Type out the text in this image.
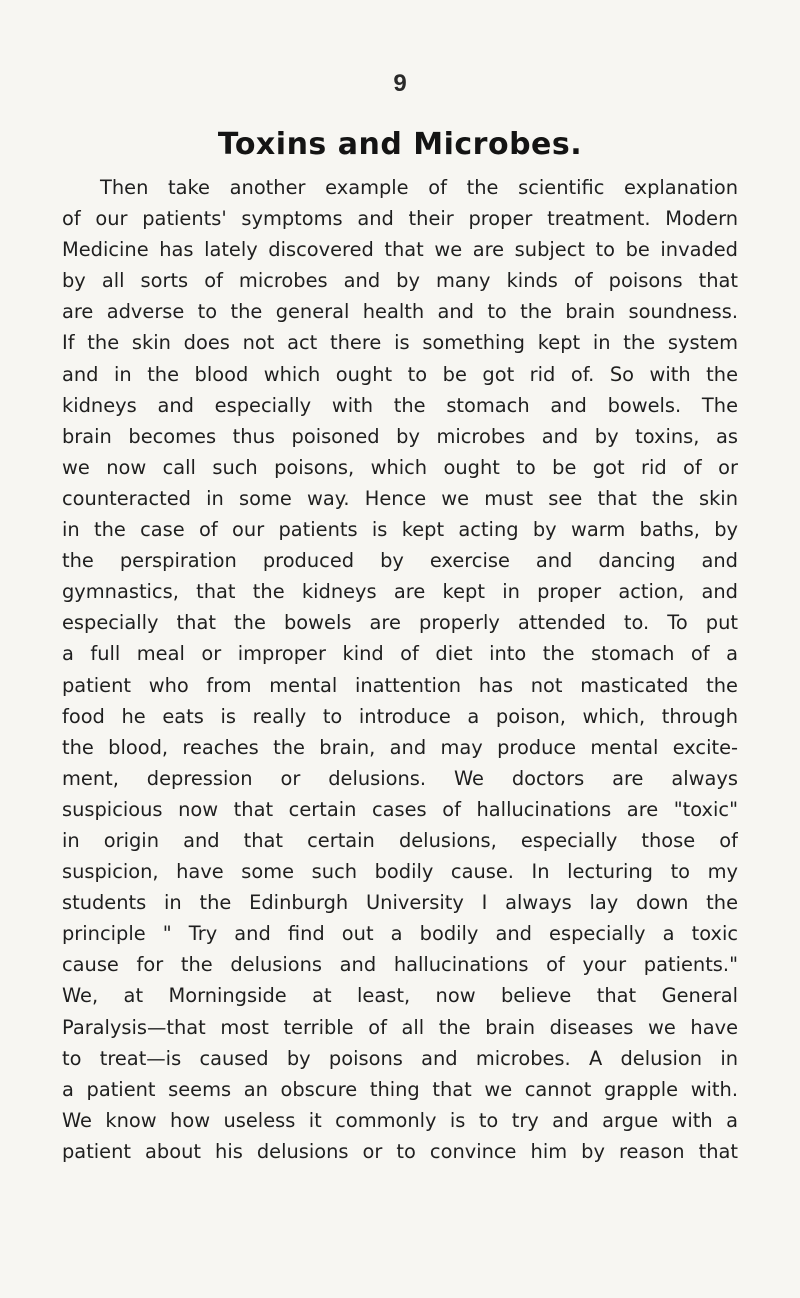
9
Toxins and Microbes.
Then take another example of the scientific explanation
of our patients' symptoms and their proper treatment. Modern
Medicine has lately discovered that we are subject to be invaded
by all sorts of microbes and by many kinds of poisons that
are adverse to the general health and to the brain soundness.
If the skin does not act there is something kept in the system
and in the blood which ought to be got rid of. So with the
kidneys and especially with the stomach and bowels. The
brain becomes thus poisoned by microbes and by toxins, as
we now call such poisons, which ought to be got rid of or
counteracted in some way. Hence we must see that the skin
in the case of our patients is kept acting by warm baths, by
the perspiration produced by exercise and dancing and
gymnastics, that the kidneys are kept in proper action, and
especially that the bowels are properly attended to. To put
a full meal or improper kind of diet into the stomach of a
patient who from mental inattention has not masticated the
food he eats is really to introduce a poison, which, through
the blood, reaches the brain, and may produce mental excite-
ment, depression or delusions. We doctors are always
suspicious now that certain cases of hallucinations are "toxic"
in origin and that certain delusions, especially those of
suspicion, have some such bodily cause. In lecturing to my
students in the Edinburgh University I always lay down the
principle " Try and find out a bodily and especially a toxic
cause for the delusions and hallucinations of your patients."
We, at Morningside at least, now believe that General
Paralysis—that most terrible of all the brain diseases we have
to treat—is caused by poisons and microbes. A delusion in
a patient seems an obscure thing that we cannot grapple with.
We know how useless it commonly is to try and argue with a
patient about his delusions or to convince him by reason that
